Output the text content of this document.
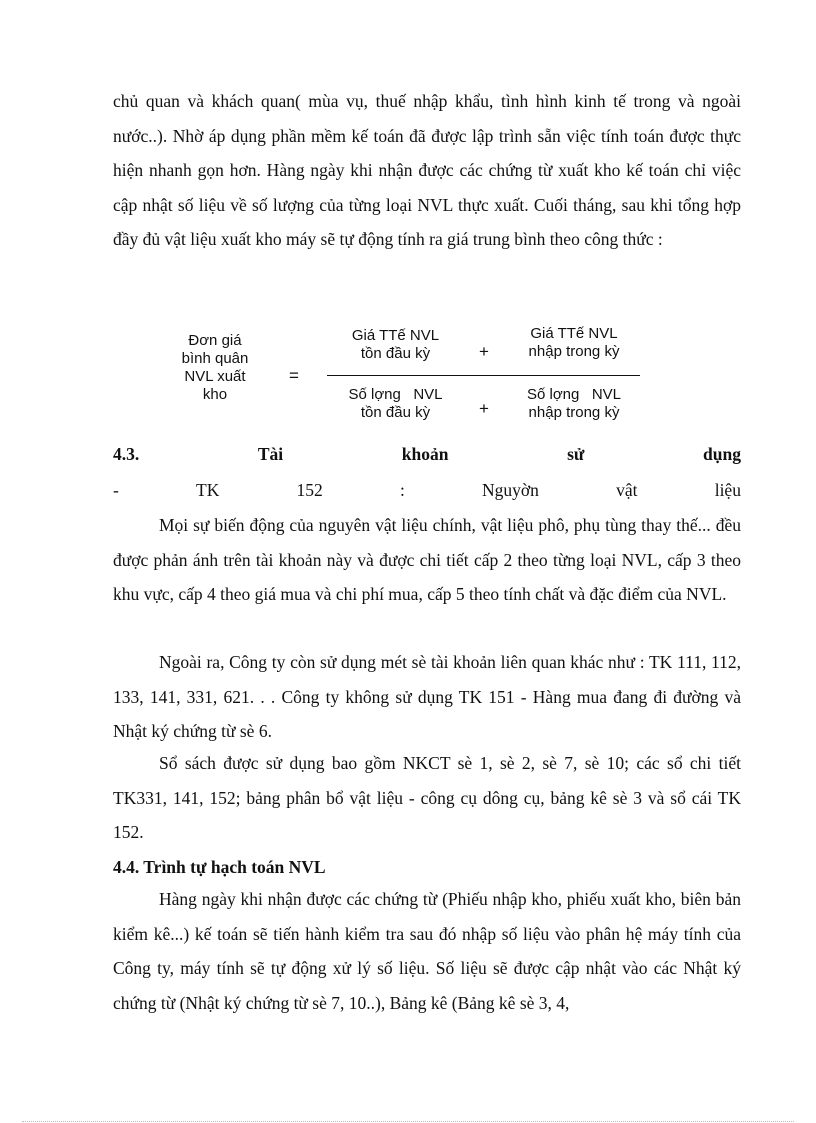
chủ quan và khách quan( mùa vụ, thuế nhập khẩu, tình hình kinh tế trong và ngoài nước..). Nhờ áp dụng phần mềm kế toán đã được lập trình sẵn việc tính toán được thực hiện nhanh gọn hơn. Hàng ngày khi nhận được các chứng từ xuất kho kế toán chỉ việc cập nhật số liệu về số lượng của từng loại NVL thực xuất. Cuối tháng, sau khi tổng hợp đầy đủ vật liệu xuất kho máy sẽ tự động tính ra giá trung bình theo công thức :

Đơn giá
bình quân
NVL xuất
kho
=
Giá TTế NVL
tồn đầu kỳ	+
Giá TTế NVL
nhập trong kỳ
Số lợng   NVL
tồn đầu kỳ	+
Số lợng   NVL
nhập trong kỳ
4.3.	Tài	khoản	sử	dụng
-	TK	152	:	Nguyờn	vật	liệu

Mọi sự biến động của nguyên vật liệu chính, vật liệu phô, phụ tùng thay thế... đều được phản ánh trên tài khoản này và được chi tiết cấp 2 theo từng loại NVL, cấp 3 theo khu vực, cấp 4 theo giá mua và chi phí mua, cấp 5 theo tính chất và đặc điểm của NVL.

Ngoài ra, Công ty còn sử dụng mét sè tài khoản liên quan khác như : TK 111, 112, 133, 141, 331, 621. . . Công ty không sử dụng TK 151 - Hàng mua đang đi đường và Nhật ký chứng từ sè 6.

Sổ sách được sử dụng bao gồm NKCT sè 1, sè 2, sè 7, sè 10; các sổ chi tiết TK331, 141, 152; bảng phân bổ vật liệu - công cụ dông cụ, bảng kê sè 3 và sổ cái TK 152.

4.4. Trình tự hạch toán NVL

Hàng ngày khi nhận được các chứng từ (Phiếu nhập kho, phiếu xuất kho, biên bản kiểm kê...) kế toán sẽ tiến hành kiểm tra sau đó nhập số liệu vào phân hệ máy tính của Công ty, máy tính sẽ tự động xử lý số liệu. Số liệu sẽ được cập nhật vào các Nhật ký chứng từ (Nhật ký chứng từ sè 7, 10..), Bảng kê (Bảng kê sè 3, 4,
